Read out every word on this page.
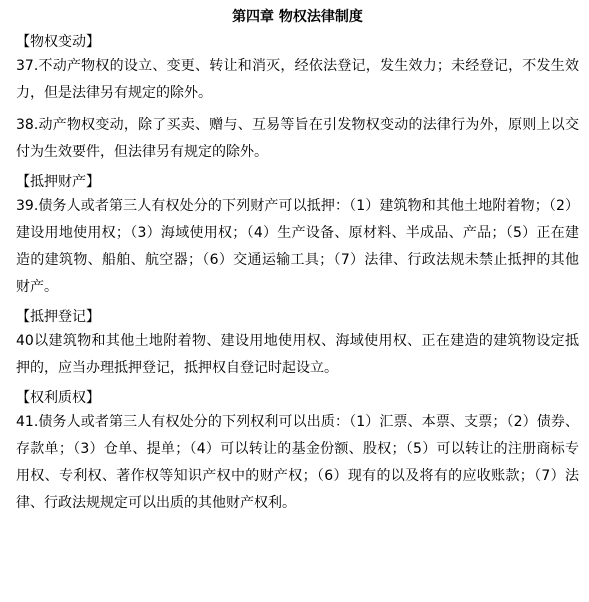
第四章 物权法律制度
【物权变动】
37.不动产物权的设立、变更、转让和消灭，经依法登记，发生效力；未经登记，不发生效力，但是法律另有规定的除外。
38.动产物权变动，除了买卖、赠与、互易等旨在引发物权变动的法律行为外，原则上以交付为生效要件，但法律另有规定的除外。
【抵押财产】
39.债务人或者第三人有权处分的下列财产可以抵押：（1）建筑物和其他土地附着物；（2）建设用地使用权；（3）海域使用权；（4）生产设备、原材料、半成品、产品；（5）正在建造的建筑物、船舶、航空器；（6）交通运输工具；（7）法律、行政法规未禁止抵押的其他财产。
【抵押登记】
40以建筑物和其他土地附着物、建设用地使用权、海域使用权、正在建造的建筑物设定抵押的，应当办理抵押登记，抵押权自登记时起设立。
【权利质权】
41.债务人或者第三人有权处分的下列权利可以出质：（1）汇票、本票、支票；（2）债券、存款单；（3）仓单、提单；（4）可以转让的基金份额、股权；（5）可以转让的注册商标专用权、专利权、著作权等知识产权中的财产权；（6）现有的以及将有的应收账款；（7）法律、行政法规规定可以出质的其他财产权利。
